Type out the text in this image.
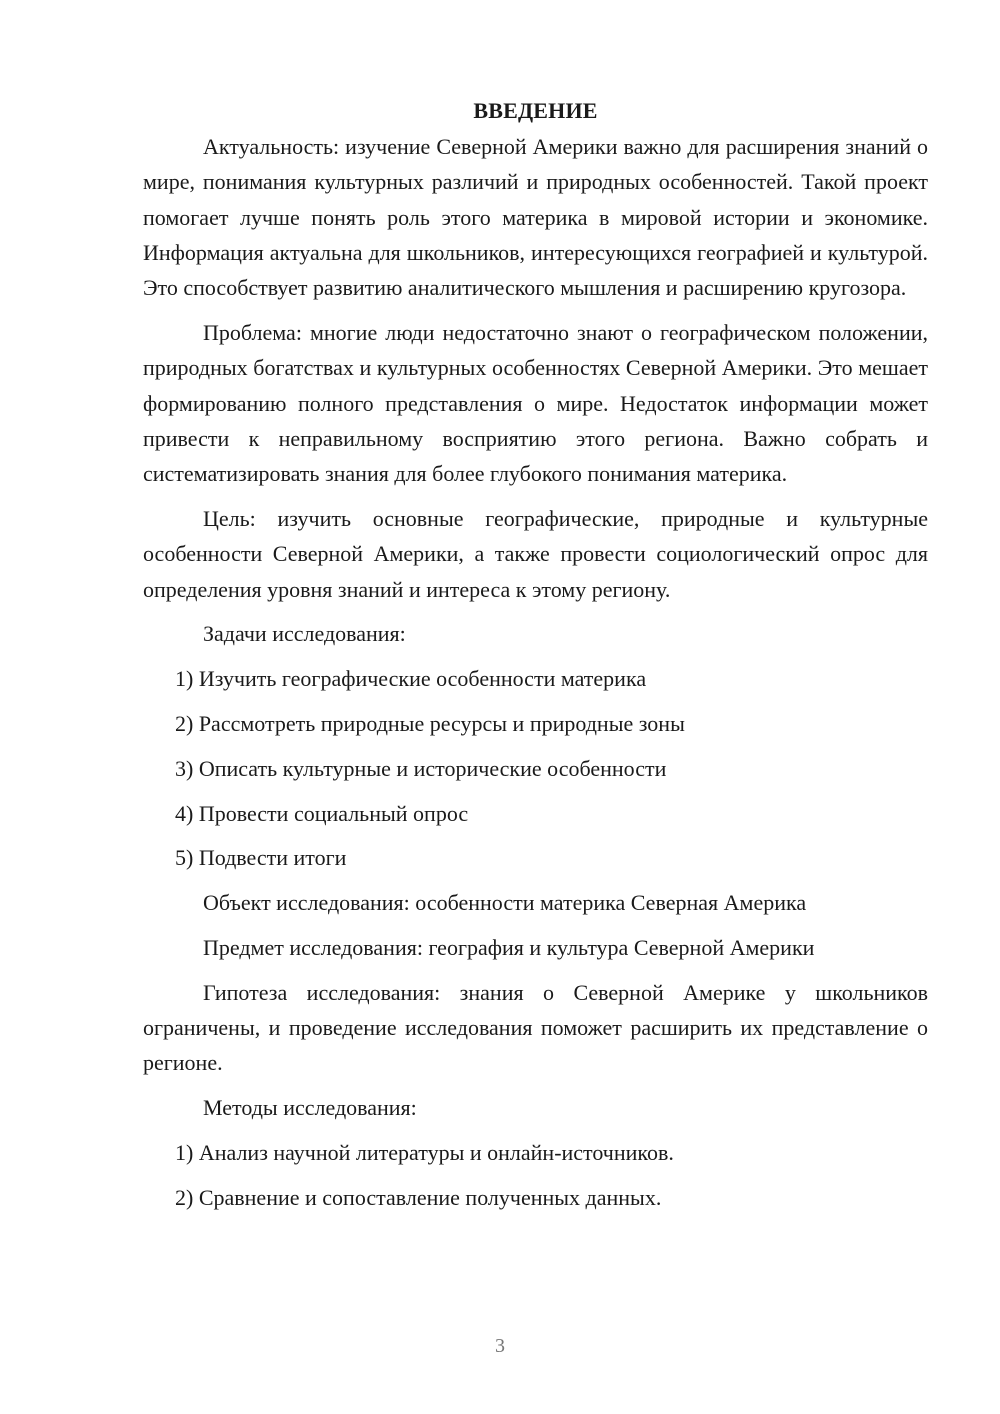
ВВЕДЕНИЕ

Актуальность: изучение Северной Америки важно для расширения знаний о мире, понимания культурных различий и природных особенностей. Такой проект помогает лучше понять роль этого материка в мировой истории и экономике. Информация актуальна для школьников, интересующихся географией и культурой. Это способствует развитию аналитического мышления и расширению кругозора.

Проблема: многие люди недостаточно знают о географическом положении, природных богатствах и культурных особенностях Северной Америки. Это мешает формированию полного представления о мире. Недостаток информации может привести к неправильному восприятию этого региона. Важно собрать и систематизировать знания для более глубокого понимания материка.

Цель: изучить основные географические, природные и культурные особенности Северной Америки, а также провести социологический опрос для определения уровня знаний и интереса к этому региону.

Задачи исследования:
1) Изучить географические особенности материка
2) Рассмотреть природные ресурсы и природные зоны
3) Описать культурные и исторические особенности
4) Провести социальный опрос
5) Подвести итоги
Объект исследования: особенности материка Северная Америка
Предмет исследования: география и культура Северной Америки

Гипотеза исследования: знания о Северной Америке у школьников ограничены, и проведение исследования поможет расширить их представление о регионе.

Методы исследования:
1) Анализ научной литературы и онлайн-источников.
2) Сравнение и сопоставление полученных данных.
3
